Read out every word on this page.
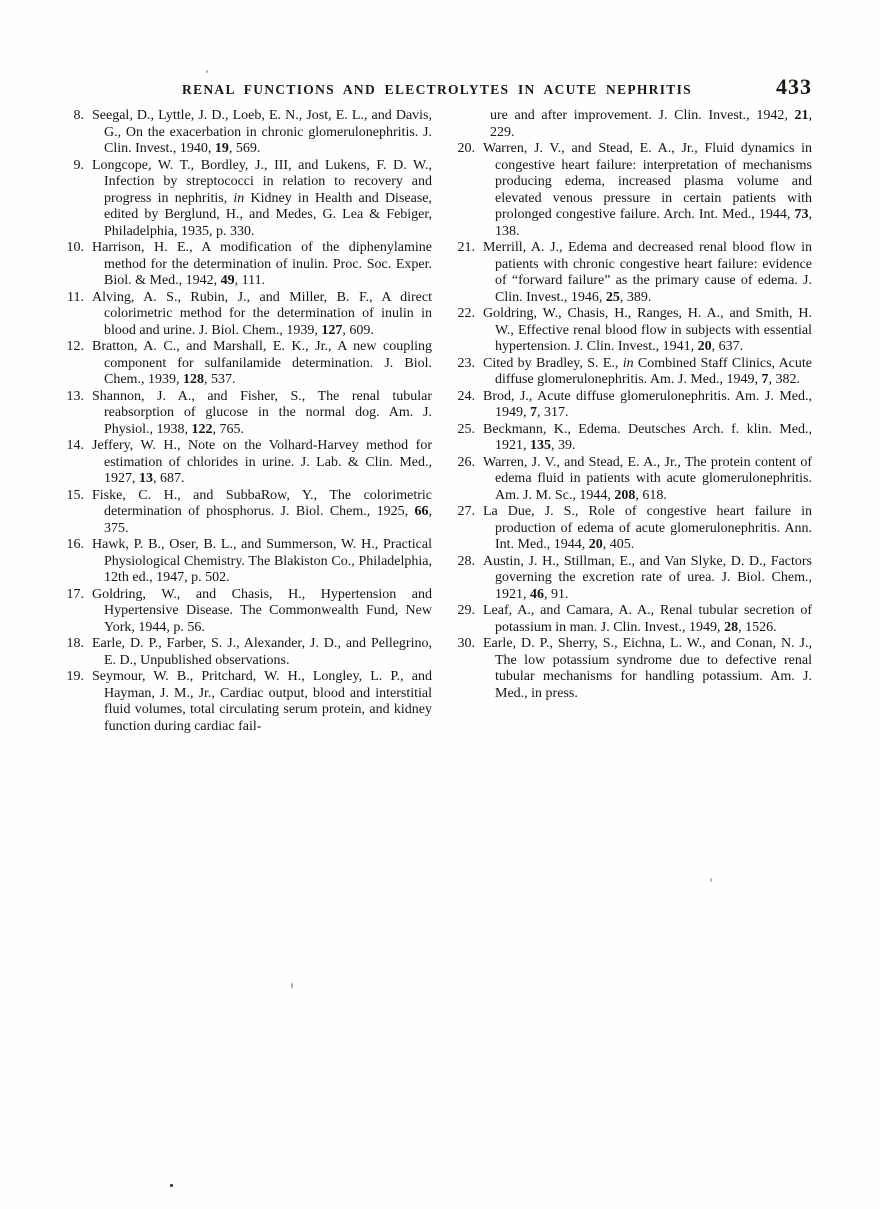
RENAL FUNCTIONS AND ELECTROLYTES IN ACUTE NEPHRITIS	433
8. Seegal, D., Lyttle, J. D., Loeb, E. N., Jost, E. L., and Davis, G., On the exacerbation in chronic glomerulonephritis. J. Clin. Invest., 1940, 19, 569.
9. Longcope, W. T., Bordley, J., III, and Lukens, F. D. W., Infection by streptococci in relation to recovery and progress in nephritis, in Kidney in Health and Disease, edited by Berglund, H., and Medes, G. Lea & Febiger, Philadelphia, 1935, p. 330.
10. Harrison, H. E., A modification of the diphenylamine method for the determination of inulin. Proc. Soc. Exper. Biol. & Med., 1942, 49, 111.
11. Alving, A. S., Rubin, J., and Miller, B. F., A direct colorimetric method for the determination of inulin in blood and urine. J. Biol. Chem., 1939, 127, 609.
12. Bratton, A. C., and Marshall, E. K., Jr., A new coupling component for sulfanilamide determination. J. Biol. Chem., 1939, 128, 537.
13. Shannon, J. A., and Fisher, S., The renal tubular reabsorption of glucose in the normal dog. Am. J. Physiol., 1938, 122, 765.
14. Jeffery, W. H., Note on the Volhard-Harvey method for estimation of chlorides in urine. J. Lab. & Clin. Med., 1927, 13, 687.
15. Fiske, C. H., and SubbaRow, Y., The colorimetric determination of phosphorus. J. Biol. Chem., 1925, 66, 375.
16. Hawk, P. B., Oser, B. L., and Summerson, W. H., Practical Physiological Chemistry. The Blakiston Co., Philadelphia, 12th ed., 1947, p. 502.
17. Goldring, W., and Chasis, H., Hypertension and Hypertensive Disease. The Commonwealth Fund, New York, 1944, p. 56.
18. Earle, D. P., Farber, S. J., Alexander, J. D., and Pellegrino, E. D., Unpublished observations.
19. Seymour, W. B., Pritchard, W. H., Longley, L. P., and Hayman, J. M., Jr., Cardiac output, blood and interstitial fluid volumes, total circulating serum protein, and kidney function during cardiac fail-
ure and after improvement. J. Clin. Invest., 1942, 21, 229.
20. Warren, J. V., and Stead, E. A., Jr., Fluid dynamics in congestive heart failure: interpretation of mechanisms producing edema, increased plasma volume and elevated venous pressure in certain patients with prolonged congestive failure. Arch. Int. Med., 1944, 73, 138.
21. Merrill, A. J., Edema and decreased renal blood flow in patients with chronic congestive heart failure: evidence of “forward failure” as the primary cause of edema. J. Clin. Invest., 1946, 25, 389.
22. Goldring, W., Chasis, H., Ranges, H. A., and Smith, H. W., Effective renal blood flow in subjects with essential hypertension. J. Clin. Invest., 1941, 20, 637.
23. Cited by Bradley, S. E., in Combined Staff Clinics, Acute diffuse glomerulonephritis. Am. J. Med., 1949, 7, 382.
24. Brod, J., Acute diffuse glomerulonephritis. Am. J. Med., 1949, 7, 317.
25. Beckmann, K., Edema. Deutsches Arch. f. klin. Med., 1921, 135, 39.
26. Warren, J. V., and Stead, E. A., Jr., The protein content of edema fluid in patients with acute glomerulonephritis. Am. J. M. Sc., 1944, 208, 618.
27. La Due, J. S., Role of congestive heart failure in production of edema of acute glomerulonephritis. Ann. Int. Med., 1944, 20, 405.
28. Austin, J. H., Stillman, E., and Van Slyke, D. D., Factors governing the excretion rate of urea. J. Biol. Chem., 1921, 46, 91.
29. Leaf, A., and Camara, A. A., Renal tubular secretion of potassium in man. J. Clin. Invest., 1949, 28, 1526.
30. Earle, D. P., Sherry, S., Eichna, L. W., and Conan, N. J., The low potassium syndrome due to defective renal tubular mechanisms for handling potassium. Am. J. Med., in press.
